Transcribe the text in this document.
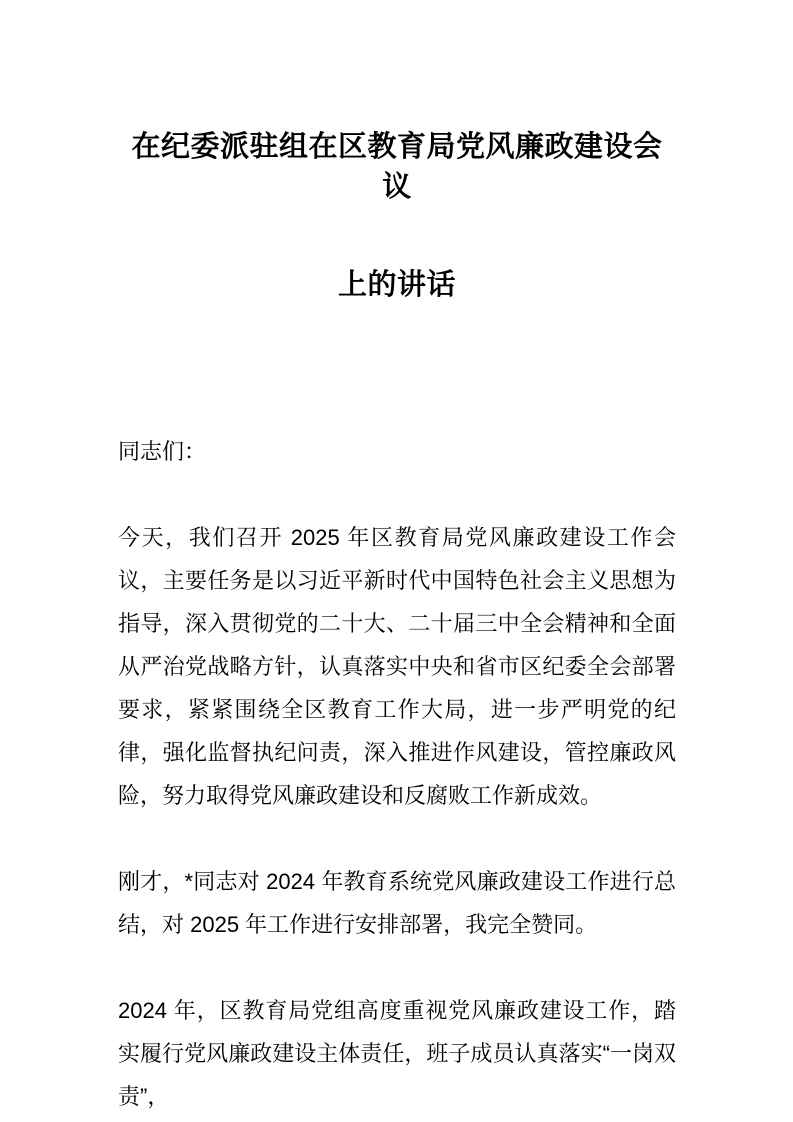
在纪委派驻组在区教育局党风廉政建设会议
上的讲话

同志们：

今天，我们召开 2025 年区教育局党风廉政建设工作会议，主要任务是以习近平新时代中国特色社会主义思想为指导，深入贯彻党的二十大、二十届三中全会精神和全面从严治党战略方针，认真落实中央和省市区纪委全会部署要求，紧紧围绕全区教育工作大局，进一步严明党的纪律，强化监督执纪问责，深入推进作风建设，管控廉政风险，努力取得党风廉政建设和反腐败工作新成效。

刚才，*同志对 2024 年教育系统党风廉政建设工作进行总结，对 2025 年工作进行安排部署，我完全赞同。

2024 年，区教育局党组高度重视党风廉政建设工作，踏实履行党风廉政建设主体责任，班子成员认真落实“一岗双责”，
